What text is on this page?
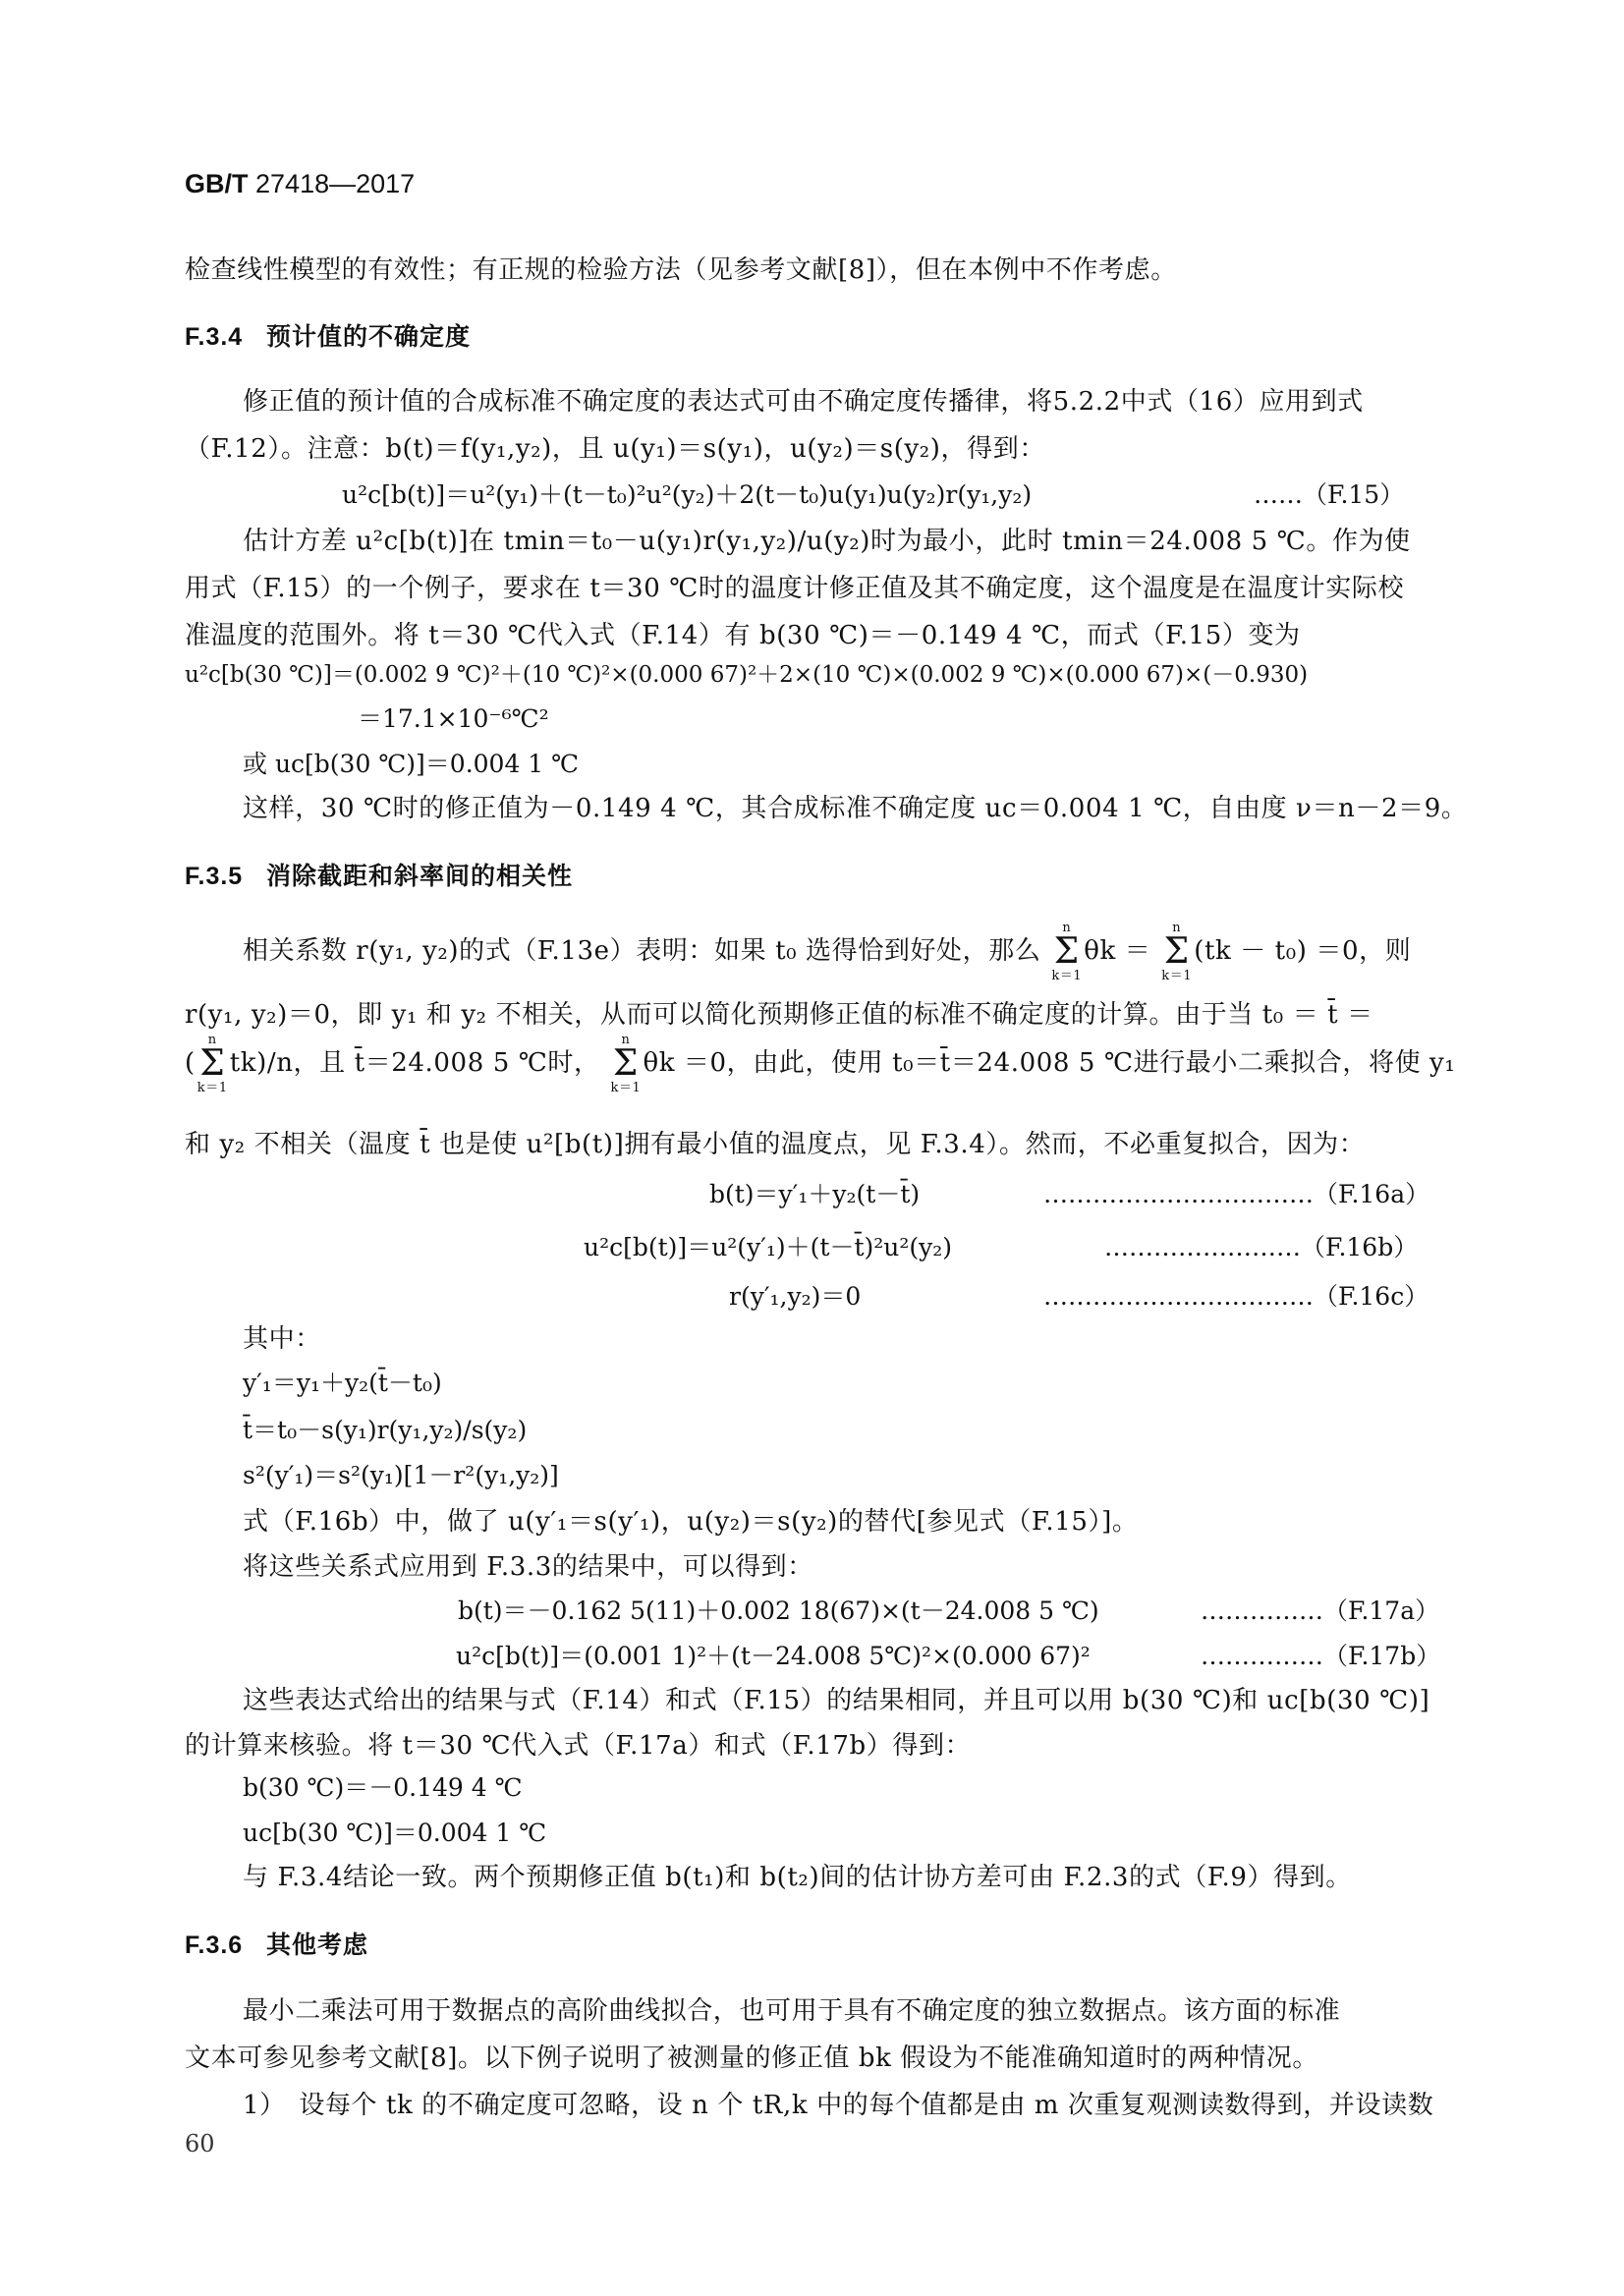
GB/T 27418—2017
检查线性模型的有效性；有正规的检验方法（见参考文献[8]），但在本例中不作考虑。
F.3.4 预计值的不确定度
修正值的预计值的合成标准不确定度的表达式可由不确定度传播律，将5.2.2中式（16）应用到式
（F.12）。注意：b(t)＝f(y₁,y₂)，且 u(y₁)＝s(y₁)，u(y₂)＝s(y₂)，得到：
u²c[b(t)]＝u²(y₁)＋(t－t₀)²u²(y₂)＋2(t－t₀)u(y₁)u(y₂)r(y₁,y₂)	……（F.15）
估计方差 u²c[b(t)]在 tmin＝t₀－u(y₁)r(y₁,y₂)/u(y₂)时为最小，此时 tmin＝24.008 5 ℃。作为使
用式（F.15）的一个例子，要求在 t＝30 ℃时的温度计修正值及其不确定度，这个温度是在温度计实际校
准温度的范围外。将 t＝30 ℃代入式（F.14）有 b(30 ℃)＝－0.149 4 ℃，而式（F.15）变为
u²c[b(30 ℃)]＝(0.002 9 ℃)²＋(10 ℃)²×(0.000 67)²＋2×(10 ℃)×(0.002 9 ℃)×(0.000 67)×(－0.930)
＝17.1×10⁻⁶℃²
或 uc[b(30 ℃)]＝0.004 1 ℃
这样，30 ℃时的修正值为－0.149 4 ℃，其合成标准不确定度 uc＝0.004 1 ℃，自由度 ν＝n－2＝9。
F.3.5 消除截距和斜率间的相关性
相关系数 r(y₁, y₂)的式（F.13e）表明：如果 t₀ 选得恰到好处，那么
n
Σ
k＝1
θk ＝
n
Σ
k＝1
(tk － t₀) ＝0，则
r(y₁, y₂)＝0，即 y₁ 和 y₂ 不相关，从而可以简化预期修正值的标准不确定度的计算。由于当 t₀ ＝ t̄ ＝
(
n
Σ
k＝1
tk)/n，且 t̄＝24.008 5 ℃时，
n
Σ
k＝1
θk ＝0，由此，使用 t₀＝t̄＝24.008 5 ℃进行最小二乘拟合，将使 y₁
和 y₂ 不相关（温度 t̄ 也是使 u²[b(t)]拥有最小值的温度点，见 F.3.4）。然而，不必重复拟合，因为：
b(t)＝y′₁＋y₂(t－t̄)	……………………………（F.16a）
u²c[b(t)]＝u²(y′₁)＋(t－t̄)²u²(y₂)	……………………（F.16b）
r(y′₁,y₂)＝0	……………………………（F.16c）
其中：
y′₁＝y₁＋y₂(t̄－t₀)
t̄＝t₀－s(y₁)r(y₁,y₂)/s(y₂)
s²(y′₁)＝s²(y₁)[1－r²(y₁,y₂)]
式（F.16b）中，做了 u(y′₁＝s(y′₁)，u(y₂)＝s(y₂)的替代[参见式（F.15）]。
将这些关系式应用到 F.3.3的结果中，可以得到：
b(t)＝－0.162 5(11)＋0.002 18(67)×(t－24.008 5 ℃)	……………（F.17a）
u²c[b(t)]＝(0.001 1)²＋(t－24.008 5℃)²×(0.000 67)²	……………（F.17b）
这些表达式给出的结果与式（F.14）和式（F.15）的结果相同，并且可以用 b(30 ℃)和 uc[b(30 ℃)]
的计算来核验。将 t＝30 ℃代入式（F.17a）和式（F.17b）得到：
b(30 ℃)＝－0.149 4 ℃
uc[b(30 ℃)]＝0.004 1 ℃
与 F.3.4结论一致。两个预期修正值 b(t₁)和 b(t₂)间的估计协方差可由 F.2.3的式（F.9）得到。
F.3.6 其他考虑
最小二乘法可用于数据点的高阶曲线拟合，也可用于具有不确定度的独立数据点。该方面的标准
文本可参见参考文献[8]。以下例子说明了被测量的修正值 bk 假设为不能准确知道时的两种情况。
1）　设每个 tk 的不确定度可忽略，设 n 个 tR,k 中的每个值都是由 m 次重复观测读数得到，并设读数
60
